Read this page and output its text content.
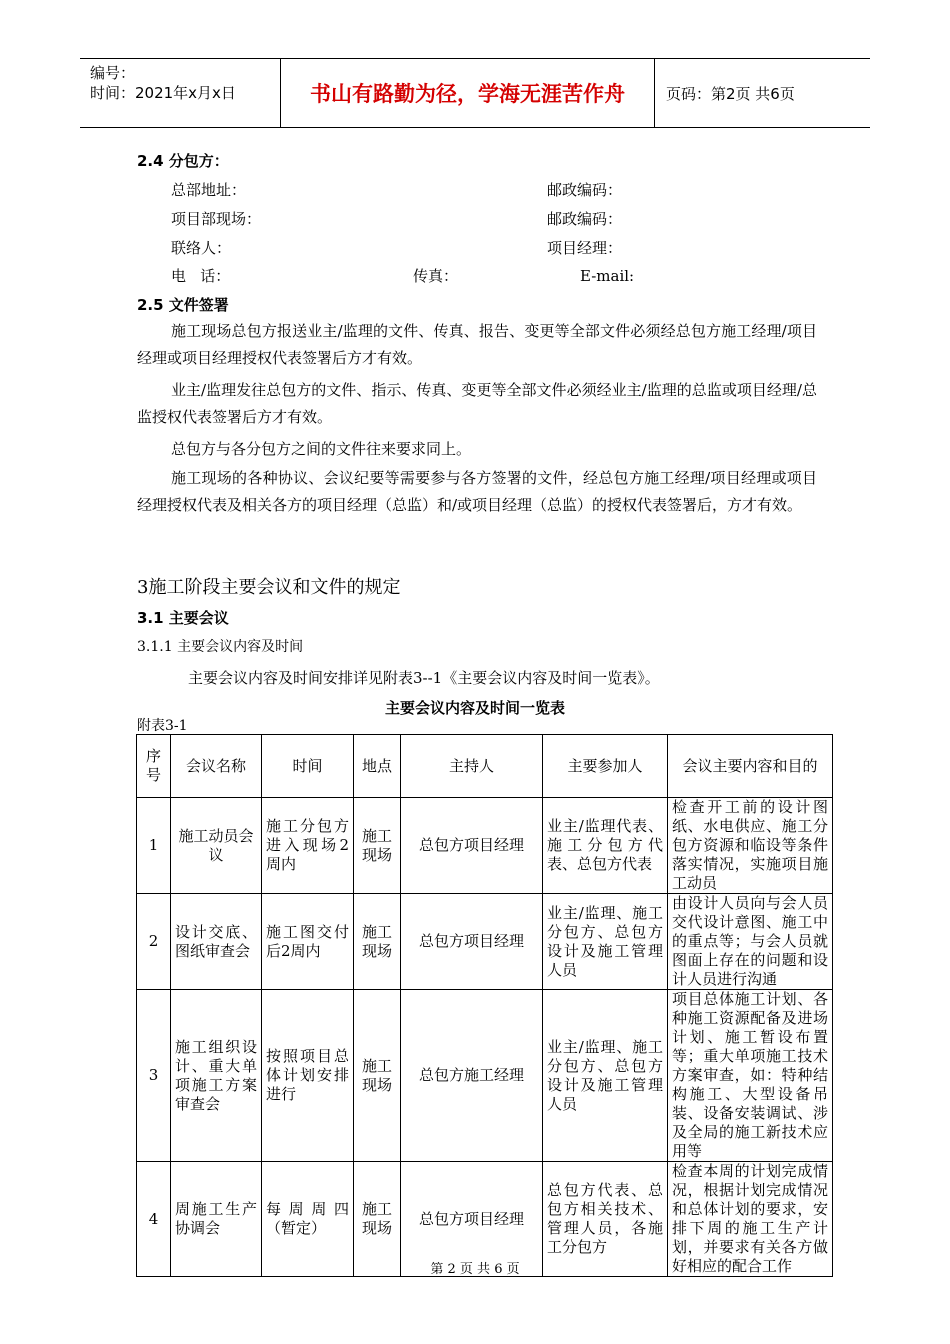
编号：
时间：2021年x月x日	书山有路勤为径，学海无涯苦作舟	页码：第2页 共6页
2.4 分包方：
总部地址：	邮政编码：
项目部现场：	邮政编码：
联络人：	项目经理：
电   话：	传真：	E-mail:
2.5 文件签署
施工现场总包方报送业主/监理的文件、传真、报告、变更等全部文件必须经总包方施工经理/项目经理或项目经理授权代表签署后方才有效。
业主/监理发往总包方的文件、指示、传真、变更等全部文件必须经业主/监理的总监或项目经理/总监授权代表签署后方才有效。
总包方与各分包方之间的文件往来要求同上。
施工现场的各种协议、会议纪要等需要参与各方签署的文件，经总包方施工经理/项目经理或项目经理授权代表及相关各方的项目经理（总监）和/或项目经理（总监）的授权代表签署后，方才有效。
3施工阶段主要会议和文件的规定
3.1 主要会议
3.1.1 主要会议内容及时间
主要会议内容及时间安排详见附表3--1《主要会议内容及时间一览表》。
主要会议内容及时间一览表
附表3-1
序号	会议名称	时间	地点	主持人	主要参加人	会议主要内容和目的
1	施工动员会议	施工分包方进入现场2周内	施工现场	总包方项目经理	业主/监理代表、施工分包方代表、总包方代表	检查开工前的设计图纸、水电供应、施工分包方资源和临设等条件落实情况，实施项目施工动员
2	设计交底、图纸审查会	施工图交付后2周内	施工现场	总包方项目经理	业主/监理、施工分包方、总包方设计及施工管理人员	由设计人员向与会人员交代设计意图、施工中的重点等；与会人员就图面上存在的问题和设计人员进行沟通
3	施工组织设计、重大单项施工方案审查会	按照项目总体计划安排进行	施工现场	总包方施工经理	业主/监理、施工分包方、总包方设计及施工管理人员	项目总体施工计划、各种施工资源配备及进场计划、施工暂设布置等；重大单项施工技术方案审查，如：特种结构施工、大型设备吊装、设备安装调试、涉及全局的施工新技术应用等
4	周施工生产协调会	每周周四（暂定）	施工现场	总包方项目经理	总包方代表、总包方相关技术、管理人员，各施工分包方	检查本周的计划完成情况，根据计划完成情况和总体计划的要求，安排下周的施工生产计划，并要求有关各方做好相应的配合工作
第 2 页 共 6 页
